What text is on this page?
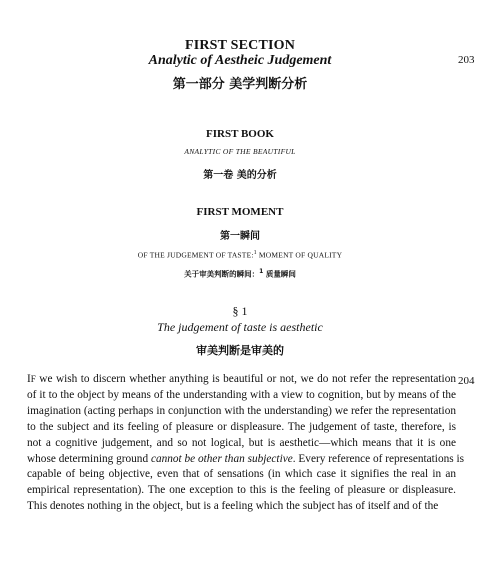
203
FIRST SECTION
Analytic of Aestheic Judgement
第一部分 美学判断分析
FIRST BOOK
ANALYTIC OF THE BEAUTIFUL
第一卷 美的分析
FIRST MOMENT
第一瞬间
OF THE JUDGEMENT OF TASTE:$^1$ MOMENT OF QUALITY
关于审美判断的瞬间：$^1$ 质量瞬间
§ 1
The judgement of taste is aesthetic
审美判断是审美的
204
IF we wish to discern whether anything is beautiful or not, we do not refer the representation
of it to the object by means of the understanding with a view to cognition, but by means of the
imagination (acting perhaps in conjunction with the understanding) we refer the representation
to the subject and its feeling of pleasure or displeasure. The judgement of taste, therefore, is
not a cognitive judgement, and so not logical, but is aesthetic—which means that it is one
whose determining ground cannot be other than subjective. Every reference of representations is
capable of being objective, even that of sensations (in which case it signifies the real in an
empirical representation). The one exception to this is the feeling of pleasure or displeasure.
This denotes nothing in the object, but is a feeling which the subject has of itself and of the
